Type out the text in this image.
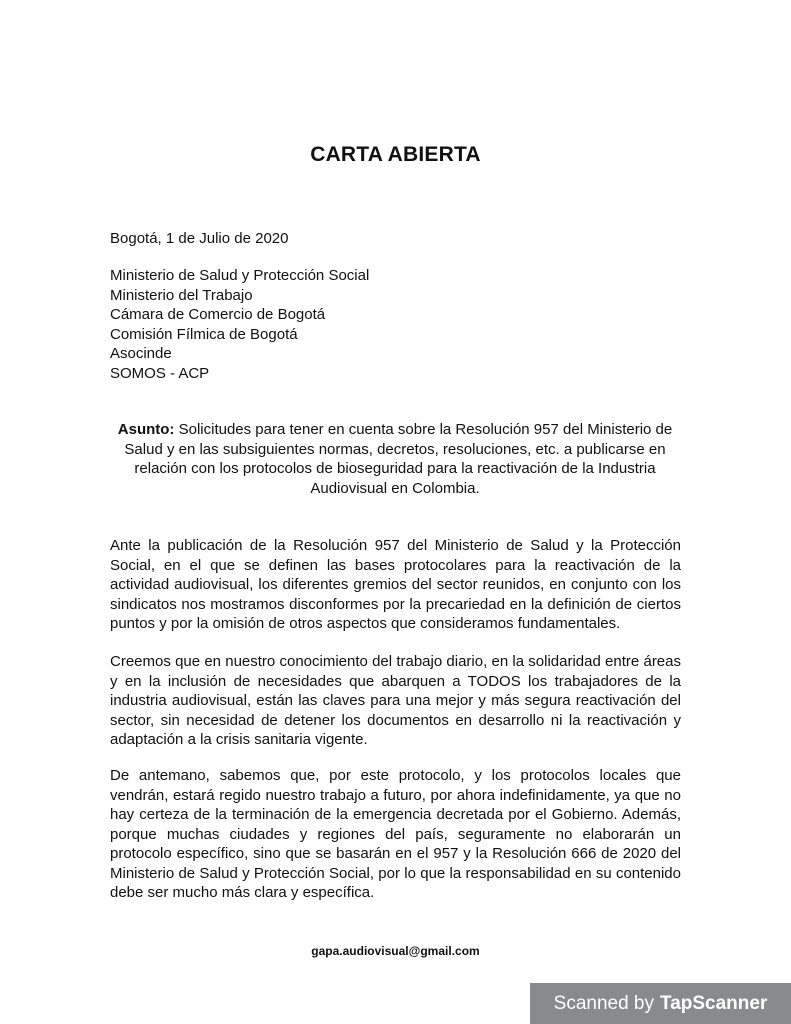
CARTA ABIERTA
Bogotá, 1 de Julio de 2020
Ministerio de Salud y Protección Social
Ministerio del Trabajo
Cámara de Comercio de Bogotá
Comisión Fílmica de Bogotá
Asocinde
SOMOS - ACP
Asunto: Solicitudes para tener en cuenta sobre la Resolución 957 del Ministerio de Salud y en las subsiguientes normas, decretos, resoluciones, etc. a publicarse en relación con los protocolos de bioseguridad para la reactivación de la Industria Audiovisual en Colombia.
Ante la publicación de la Resolución 957 del Ministerio de Salud y la Protección Social, en el que se definen las bases protocolares para la reactivación de la actividad audiovisual, los diferentes gremios del sector reunidos, en conjunto con los sindicatos nos mostramos disconformes por la precariedad en la definición de ciertos puntos y por la omisión de otros aspectos que consideramos fundamentales.
Creemos que en nuestro conocimiento del trabajo diario, en la solidaridad entre áreas y en la inclusión de necesidades que abarquen a TODOS los trabajadores de la industria audiovisual, están las claves para una mejor y más segura reactivación del sector, sin necesidad de detener los documentos en desarrollo ni la reactivación y adaptación a la crisis sanitaria vigente.
De antemano, sabemos que, por este protocolo, y los protocolos locales que vendrán, estará regido nuestro trabajo a futuro, por ahora indefinidamente, ya que no hay certeza de la terminación de la emergencia decretada por el Gobierno. Además, porque muchas ciudades y regiones del país, seguramente no elaborarán un protocolo específico, sino que se basarán en el 957 y la Resolución 666 de 2020 del Ministerio de Salud y Protección Social, por lo que la responsabilidad en su contenido debe ser mucho más clara y específica.
gapa.audiovisual@gmail.com
Scanned by TapScanner
